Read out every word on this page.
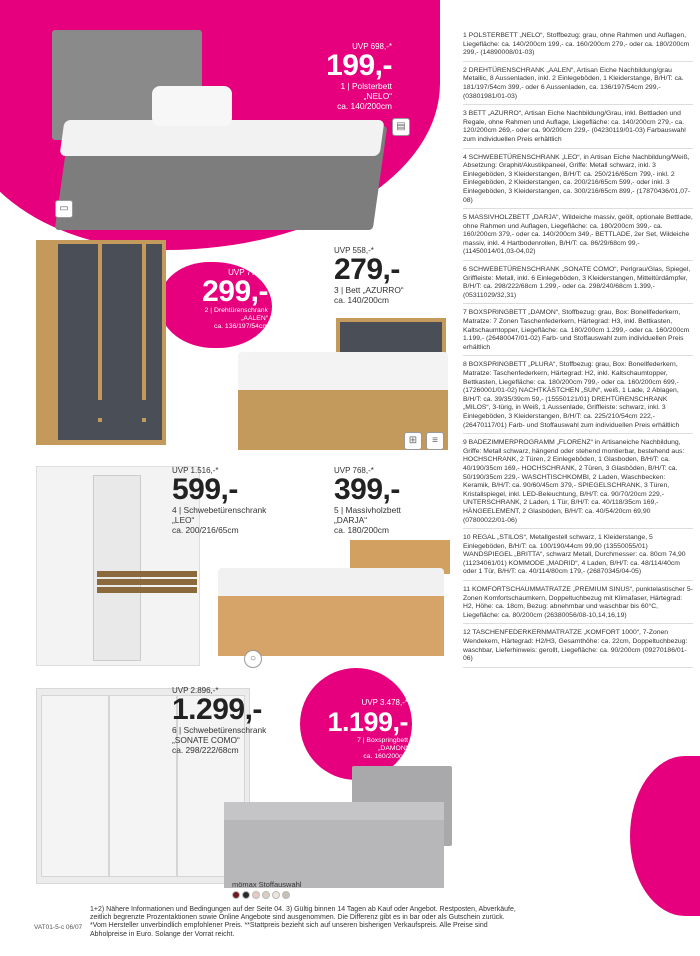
▭
▤
⊞	≡
○
UVP 698,-*
199,-
1 | Polsterbett
„NELO“
ca. 140/200cm
UVP 775,-*
299,-
2 | Drehtürenschrank
„AALEN“
ca. 136/197/54cm
UVP 558,-*
279,-
3 | Bett „AZURRO“
ca. 140/200cm
UVP 1.516,-*
599,-
4 | Schwebetürenschrank
„LEO“
ca. 200/216/65cm
UVP 768,-*
399,-
5 | Massivholzbett
„DARJA“
ca. 180/200cm
UVP 2.896,-*
1.299,-
6 | Schwebetürenschrank
„SONATE COMO“
ca. 298/222/68cm
UVP 3.478,-*
1.199,-
7 | Boxspringbett
„DAMON“
ca. 160/200cm
1 POLSTERBETT „NELO“, Stoffbezug: grau, ohne Rahmen und Auflagen, Liegefläche: ca. 140/200cm 199,- ca. 160/200cm 279,- oder ca. 180/200cm 299,- (14890008/01-03)
2 DREHTÜRENSCHRANK „AALEN“, Artisan Eiche Nachbildung/grau Metallic, 8 Aussenladen, inkl. 2 Einlegeböden, 1 Kleiderstange, B/H/T: ca. 181/197/54cm 399,- oder 6 Aussenladen, ca. 136/197/54cm 299,- (03801981/01-03)
3 BETT „AZURRO“, Artisan Eiche Nachbildung/Grau, inkl. Bettladen und Regale, ohne Rahmen und Auflage, Liegefläche: ca. 140/200cm 279,- ca. 120/200cm 269,- oder ca. 90/200cm 229,- (04230119/01-03) Farbauswahl zum individuellen Preis erhältlich
4 SCHWEBETÜRENSCHRANK „LEO“, in Artisan Eiche Nachbildung/Weiß, Absetzung: Graphit/Akustikpaneel, Griffe: Metall schwarz, inkl. 3 Einlegeböden, 3 Kleiderstangen, B/H/T: ca. 250/216/65cm 799,- inkl. 2 Einlegeböden, 2 Kleiderstangen, ca. 200/216/65cm 599,- oder inkl. 3 Einlegeböden, 3 Kleiderstangen, ca. 300/216/65cm 899,- (17870436/01,07-08)
5 MASSIVHOLZBETT „DARJA“, Wildeiche massiv, geölt, optionale Bettlade, ohne Rahmen und Auflagen, Liegefläche: ca. 180/200cm 399,- ca. 160/200cm 379,- oder ca. 140/200cm 349,- BETTLADE, 2er Set, Wildeiche massiv, inkl. 4 Hartbodenrollen, B/H/T: ca. 86/29/68cm 99,- (11450014/01,03-04,02)
6 SCHWEBETÜRENSCHRANK „SONATE COMO“, Perlgrau/Glas, Spiegel, Griffleiste: Metall, inkl. 6 Einlegeböden, 3 Kleiderstangen, Mitteltürdämpfer, B/H/T: ca. 298/222/68cm 1.299,- oder ca. 298/240/68cm 1.399,- (05311029/32,31)
7 BOXSPRINGBETT „DAMON“, Stoffbezug: grau, Box: Bonellfederkern, Matratze: 7 Zonen Taschenfederkern, Härtegrad: H3, inkl. Bettkasten, Kaltschaumtopper, Liegefläche: ca. 180/200cm 1.299,- oder ca. 160/200cm 1.199,- (26480047/01-02) Farb- und Stoffauswahl zum individuellen Preis erhältlich
8 BOXSPRINGBETT „PLURA“, Stoffbezug: grau, Box: Bonellfederkern, Matratze: Taschenfederkern, Härtegrad: H2, inkl. Kaltschaumtopper, Bettkasten, Liegefläche: ca. 180/200cm 799,- oder ca. 160/200cm 699,- (17260001/01-02) NACHTKÄSTCHEN „SUN“, weiß, 1 Lade, 2 Ablagen, B/H/T: ca. 39/35/39cm 59,- (15550121/01) DREHTÜRENSCHRANK „MILOS“, 3-türig, in Weiß, 1 Aussenlade, Griffleiste: schwarz, inkl. 3 Einlegeböden, 3 Kleiderstangen, B/H/T: ca. 225/210/54cm 222,- (26470117/01) Farb- und Stoffauswahl zum individuellen Preis erhältlich
9 BADEZIMMERPROGRAMM „FLORENZ“ in Artisaneiche Nachbildung, Griffe: Metall schwarz, hängend oder stehend montierbar, bestehend aus: HOCHSCHRANK, 2 Türen, 2 Einlegeböden, 1 Glasboden, B/H/T: ca. 40/190/35cm 169,- HOCHSCHRANK, 2 Türen, 3 Glasböden, B/H/T: ca. 50/190/35cm 229,- WASCHTISCHKOMBI, 2 Laden, Waschbecken: Keramik, B/H/T: ca. 90/60/45cm 379,- SPIEGELSCHRANK, 3 Türen, Kristallspiegel, inkl. LED-Beleuchtung, B/H/T: ca. 90/70/20cm 229,- UNTERSCHRANK, 2 Laden, 1 Tür, B/H/T: ca. 40/118/35cm 169,- HÄNGEELEMENT, 2 Glasböden, B/H/T: ca. 40/54/20cm 69,90 (07800022/01-06)
10 REGAL „STILOS“, Metallgestell schwarz, 1 Kleiderstange, 5 Einlegeböden, B/H/T: ca. 100/190/44cm 99,90 (13550055/01) WANDSPIEGEL „BRITTA“, schwarz Metall, Durchmesser: ca. 80cm 74,90 (11234061/01) KOMMODE „MADRID“, 4 Laden, B/H/T: ca. 48/114/40cm oder 1 Tür, B/H/T: ca. 40/114/80cm 179,- (26870345/04-05)
11 KOMFORTSCHAUMMATRATZE „PREMIUM SINUS“, punktelastischer 5-Zonen Komfortschaumkern, Doppeltuchbezug mit Klimafaser, Härtegrad: H2, Höhe: ca. 18cm, Bezug: abnehmbar und waschbar bis 60°C, Liegefläche: ca. 80/200cm (26380056/08-10,14,16,19)
12 TASCHENFEDERKERNMATRATZE „KOMFORT 1000“, 7-Zonen Wendekern, Härtegrad: H2/H3, Gesamthöhe: ca. 22cm, Doppeltuchbezug: waschbar, Lieferhinweis: gerollt, Liegefläche: ca. 90/200cm (09270186/01-06)
mömax Stoffauswahl
1+2) Nähere Informationen und Bedingungen auf der Seite 04. 3) Gültig binnen 14 Tagen ab Kauf oder Angebot. Restposten, Abverkäufe,
zeitlich begrenzte Prozentaktionen sowie Online Angebote sind ausgenommen. Die Differenz gibt es in bar oder als Gutschein zurück.
*Vom Hersteller unverbindlich empfohlener Preis. **Stattpreis bezieht sich auf unseren bisherigen Verkaufspreis. Alle Preise sind
Abholpreise in Euro. Solange der Vorrat reicht.
VAT01-5-c 06/07
